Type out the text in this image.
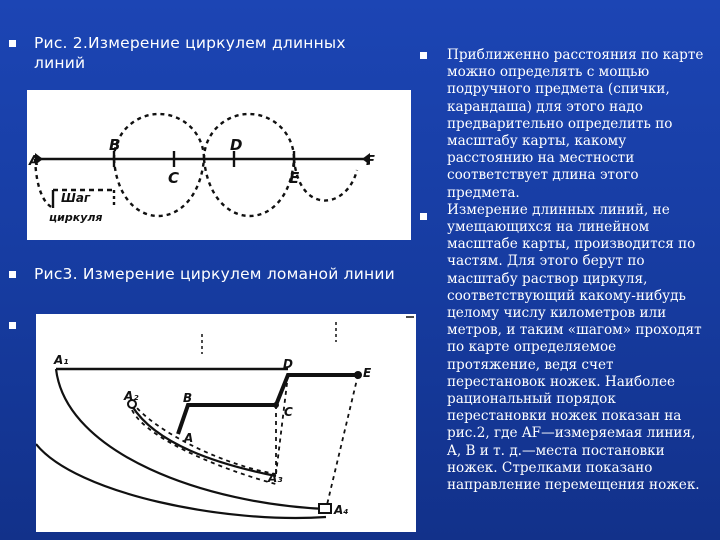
Рис. 2.Измерение циркулем длинных линий

Рис3. Измерение циркулем ломаной линии

Приближенно расстояния по карте можно определять с мощью подручного предмета (спички, карандаша) для этого надо предварительно определить по масштабу карты, какому расстоянию на местности соответствует длина этого предмета.

Измерение длинных линий, не умещающихся на линейном масштабе карты, производится по частям. Для этого берут по масштабу раствор циркуля, соответствующий какому-нибудь целому числу километров или метров, и таким «шагом» проходят по карте определяемое протяжение, ведя счет перестановок ножек. Наиболее рациональный порядок перестановки ножек показан на рис.2, где AF—измеряемая линия, A, B и т. д.—места постановки ножек. Стрелками показано направление перемещения ножек.

A
B
C
D
E
F
Шаг
циркуля
A₁
A
B
C
D
E
A₂
A₃
A₄
